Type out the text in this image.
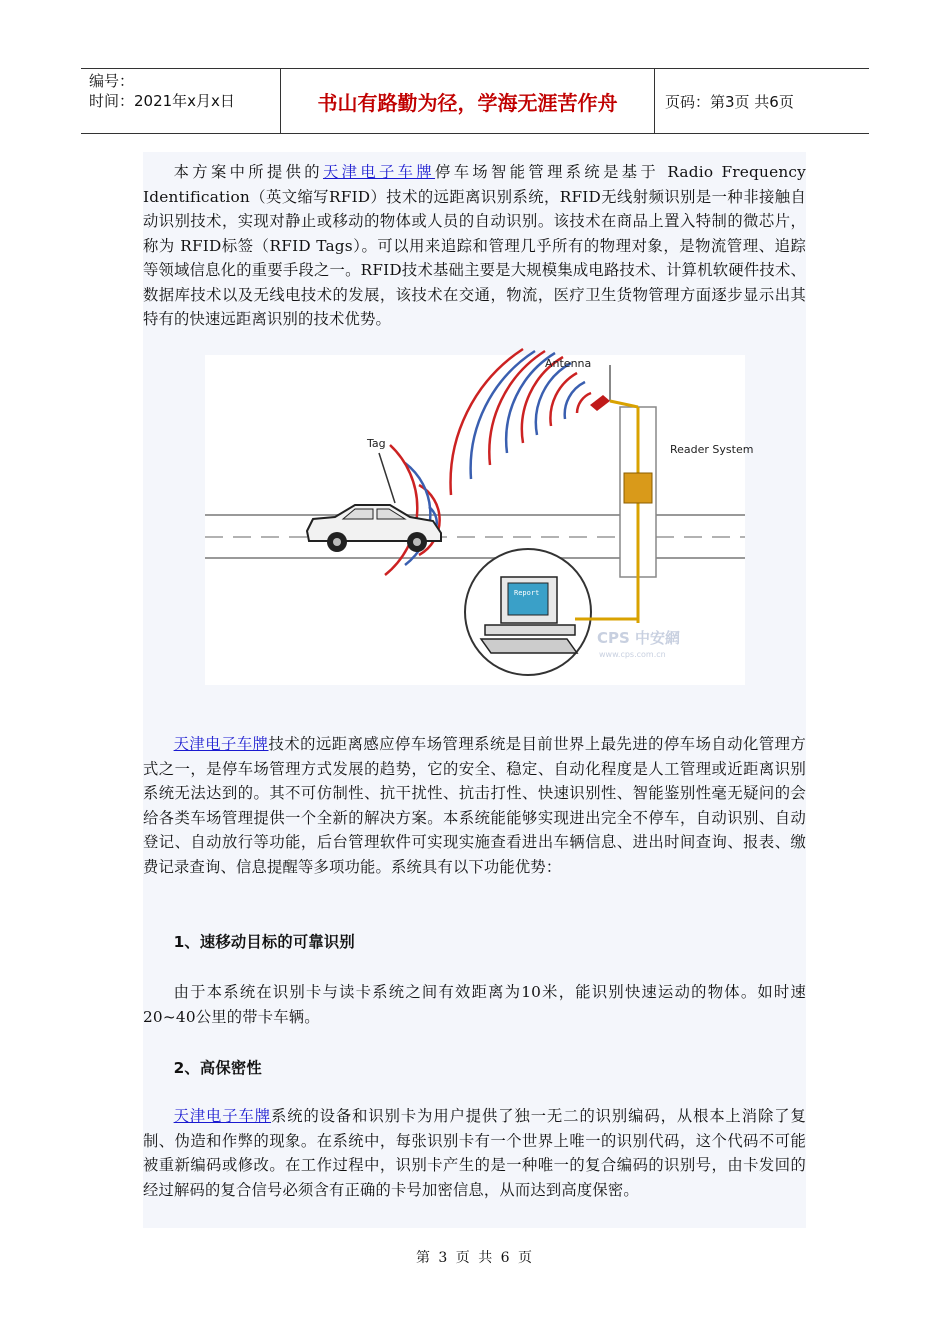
编号：
时间：2021年x月x日	书山有路勤为径，学海无涯苦作舟	页码：第3页 共6页

本方案中所提供的天津电子车牌停车场智能管理系统是基于 Radio Frequency Identification（英文缩写RFID）技术的远距离识别系统，RFID无线射频识别是一种非接触自动识别技术，实现对静止或移动的物体或人员的自动识别。该技术在商品上置入特制的微芯片，称为 RFID标签（RFID Tags）。可以用来追踪和管理几乎所有的物理对象，是物流管理、追踪等领域信息化的重要手段之一。RFID技术基础主要是大规模集成电路技术、计算机软硬件技术、数据库技术以及无线电技术的发展，该技术在交通，物流，医疗卫生货物管理方面逐步显示出其特有的快速远距离识别的技术优势。

Antenna
Tag	Reader System
Report
CPS 中安網
www.cps.com.cn

天津电子车牌技术的远距离感应停车场管理系统是目前世界上最先进的停车场自动化管理方式之一，是停车场管理方式发展的趋势，它的安全、稳定、自动化程度是人工管理或近距离识别系统无法达到的。其不可仿制性、抗干扰性、抗击打性、快速识别性、智能鉴别性毫无疑问的会给各类车场管理提供一个全新的解决方案。本系统能能够实现进出完全不停车，自动识别、自动登记、自动放行等功能，后台管理软件可实现实施查看进出车辆信息、进出时间查询、报表、缴费记录查询、信息提醒等多项功能。系统具有以下功能优势：

1、速移动目标的可靠识别

由于本系统在识别卡与读卡系统之间有效距离为10米，能识别快速运动的物体。如时速20~40公里的带卡车辆。

2、高保密性

天津电子车牌系统的设备和识别卡为用户提供了独一无二的识别编码，从根本上消除了复制、伪造和作弊的现象。在系统中，每张识别卡有一个世界上唯一的识别代码，这个代码不可能被重新编码或修改。在工作过程中，识别卡产生的是一种唯一的复合编码的识别号，由卡发回的经过解码的复合信号必须含有正确的卡号加密信息，从而达到高度保密。

第 3 页 共 6 页
